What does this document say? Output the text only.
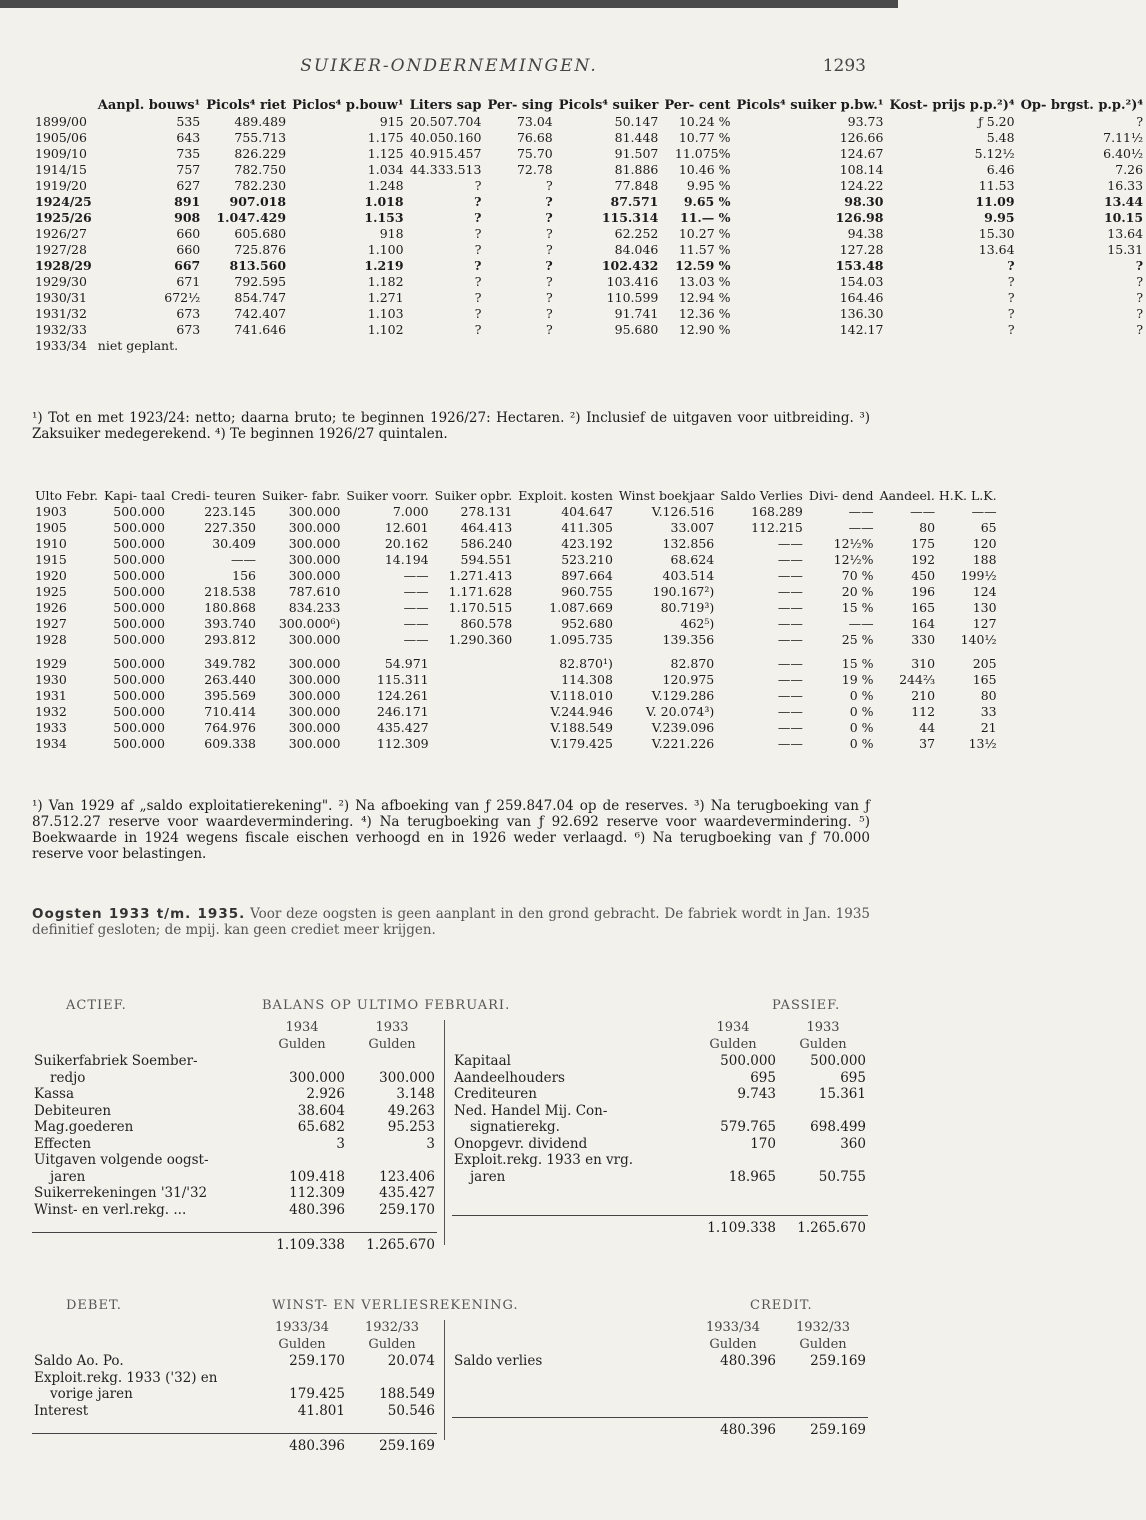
SUIKER-ONDERNEMINGEN.	1293
	Aanpl. bouws¹	Picols⁴ riet	Piclos⁴ p.bouw¹	Liters sap	Per- sing	Picols⁴ suiker	Per- cent	Picols⁴ suiker p.bw.¹	Kost- prijs p.p.²)⁴	Op- brgst. p.p.²)⁴
1899/00	535	489.489	915	20.507.704	73.04	50.147	10.24 %	93.73	ƒ 5.20	?
1905/06	643	755.713	1.175	40.050.160	76.68	81.448	10.77 %	126.66	5.48	7.11½
1909/10	735	826.229	1.125	40.915.457	75.70	91.507	11.075%	124.67	5.12½	6.40½
1914/15	757	782.750	1.034	44.333.513	72.78	81.886	10.46 %	108.14	6.46	7.26
1919/20	627	782.230	1.248	?	?	77.848	9.95 %	124.22	11.53	16.33
1924/25	891	907.018	1.018	?	?	87.571	9.65 %	98.30	11.09	13.44
1925/26	908	1.047.429	1.153	?	?	115.314	11.— %	126.98	9.95	10.15
1926/27	660	605.680	918	?	?	62.252	10.27 %	94.38	15.30	13.64
1927/28	660	725.876	1.100	?	?	84.046	11.57 %	127.28	13.64	15.31
1928/29	667	813.560	1.219	?	?	102.432	12.59 %	153.48	?	?
1929/30	671	792.595	1.182	?	?	103.416	13.03 %	154.03	?	?
1930/31	672½	854.747	1.271	?	?	110.599	12.94 %	164.46	?	?
1931/32	673	742.407	1.103	?	?	91.741	12.36 %	136.30	?	?
1932/33	673	741.646	1.102	?	?	95.680	12.90 %	142.17	?	?
1933/34	niet geplant.									

¹) Tot en met 1923/24: netto; daarna bruto; te beginnen 1926/27: Hectaren. ²) Inclusief de uitgaven voor uitbreiding. ³) Zaksuiker medegerekend. ⁴) Te beginnen 1926/27 quintalen.

Ulto Febr.	Kapi- taal	Credi- teuren	Suiker- fabr.	Suiker voorr.	Suiker opbr.	Exploit. kosten	Winst boekjaar	Saldo Verlies	Divi- dend	Aandeel. H.K. L.K.	
1903	500.000	223.145	300.000	7.000	278.131	404.647	V.126.516	168.289	——	——	——
1905	500.000	227.350	300.000	12.601	464.413	411.305	33.007	112.215	——	80	65
1910	500.000	30.409	300.000	20.162	586.240	423.192	132.856	——	12½%	175	120
1915	500.000	——	300.000	14.194	594.551	523.210	68.624	——	12½%	192	188
1920	500.000	156	300.000	——	1.271.413	897.664	403.514	——	70 %	450	199½
1925	500.000	218.538	787.610	——	1.171.628	960.755	190.167²)	——	20 %	196	124
1926	500.000	180.868	834.233	——	1.170.515	1.087.669	80.719³)	——	15 %	165	130
1927	500.000	393.740	300.000⁶)	——	860.578	952.680	462⁵)	——	——	164	127
1928	500.000	293.812	300.000	——	1.290.360	1.095.735	139.356	——	25 %	330	140½

1929	500.000	349.782	300.000	54.971		82.870¹)	82.870	——	15 %	310	205
1930	500.000	263.440	300.000	115.311		114.308	120.975	——	19 %	244⅔	165
1931	500.000	395.569	300.000	124.261		V.118.010	V.129.286	——	0 %	210	80
1932	500.000	710.414	300.000	246.171		V.244.946	V. 20.074³)	——	0 %	112	33
1933	500.000	764.976	300.000	435.427		V.188.549	V.239.096	——	0 %	44	21
1934	500.000	609.338	300.000	112.309		V.179.425	V.221.226	——	0 %	37	13½

¹) Van 1929 af „saldo exploitatierekening". ²) Na afboeking van ƒ 259.847.04 op de reserves. ³) Na terugboeking van ƒ 87.512.27 reserve voor waardevermindering. ⁴) Na terugboeking van ƒ 92.692 reserve voor waardevermindering. ⁵) Boekwaarde in 1924 wegens fiscale eischen verhoogd en in 1926 weder verlaagd. ⁶) Na terugboeking van ƒ 70.000 reserve voor belastingen.

Oogsten 1933 t/m. 1935. Voor deze oogsten is geen aanplant in den grond gebracht. De fabriek wordt in Jan. 1935 definitief gesloten; de mpij. kan geen crediet meer krijgen.
ACTIEF.	BALANS OP ULTIMO FEBRUARI.	PASSIEF.
	1934	1933
	Gulden	Gulden
Suikerfabriek Soember-		
redjo	300.000	300.000
Kassa	2.926	3.148
Debiteuren	38.604	49.263
Mag.goederen	65.682	95.253
Effecten	3	3
Uitgaven volgende oogst-		
jaren	109.418	123.406
Suikerrekeningen '31/'32	112.309	435.427
Winst- en verl.rekg. ...	480.396	259.170

	1.109.338	1.265.670
	1934	1933
	Gulden	Gulden
Kapitaal	500.000	500.000
Aandeelhouders	695	695
Crediteuren	9.743	15.361
Ned. Handel Mij. Con-		
signatierekg.	579.765	698.499
Onopgevr. dividend	170	360
Exploit.rekg. 1933 en vrg.		
jaren	18.965	50.755

	1.109.338	1.265.670
DEBET.	WINST- EN VERLIESREKENING.	CREDIT.
	1933/34	1932/33
	Gulden	Gulden
Saldo Ao. Po.	259.170	20.074
Exploit.rekg. 1933 ('32) en		
vorige jaren	179.425	188.549
Interest	41.801	50.546

	480.396	259.169
	1933/34	1932/33
	Gulden	Gulden
Saldo verlies	480.396	259.169

	480.396	259.169
